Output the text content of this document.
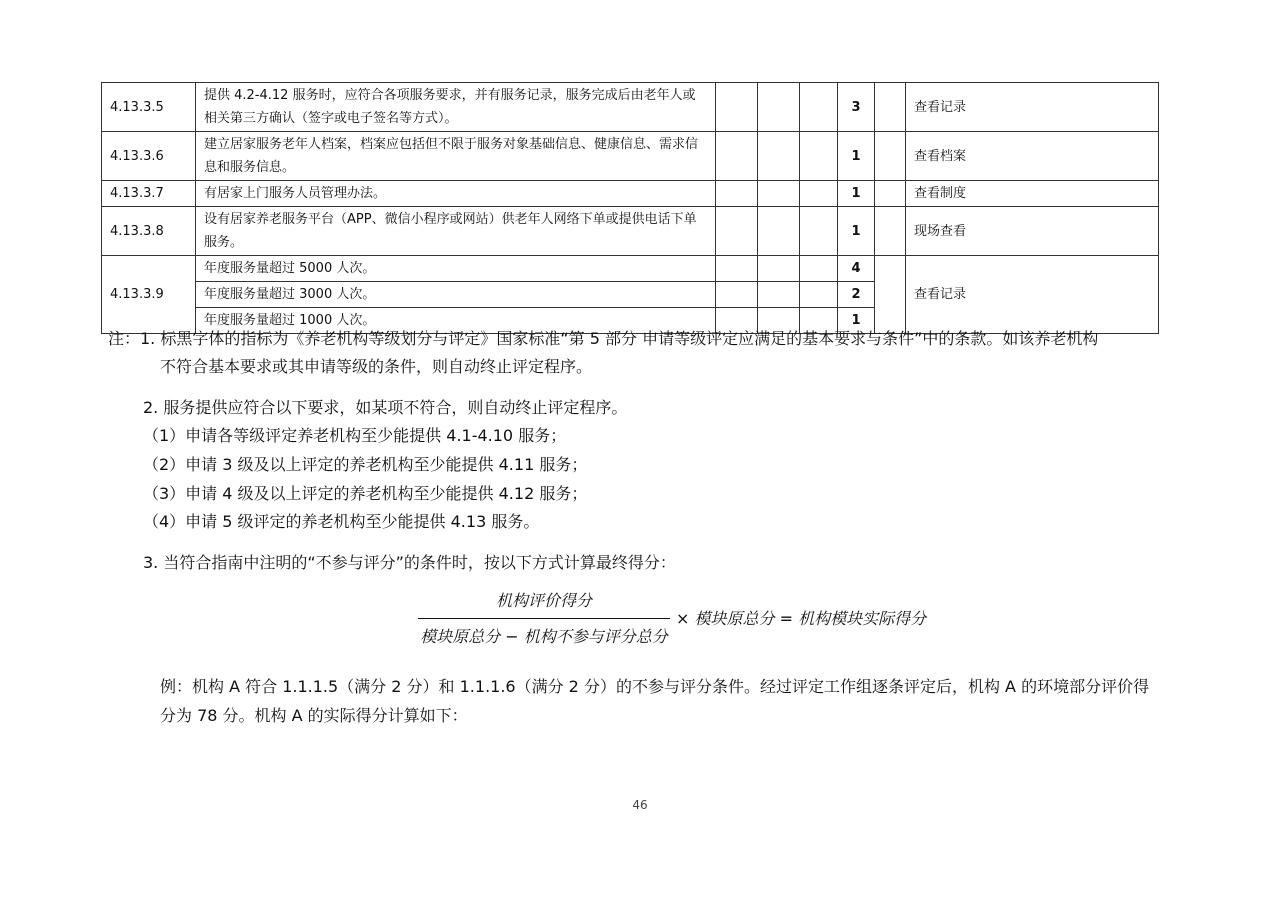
4.13.3.5	提供 4.2-4.12 服务时，应符合各项服务要求，并有服务记录，服务完成后由老年人或相关第三方确认（签字或电子签名等方式）。				3		查看记录
4.13.3.6	建立居家服务老年人档案，档案应包括但不限于服务对象基础信息、健康信息、需求信息和服务信息。				1		查看档案
4.13.3.7	有居家上门服务人员管理办法。				1		查看制度
4.13.3.8	设有居家养老服务平台（APP、微信小程序或网站）供老年人网络下单或提供电话下单服务。				1		现场查看
4.13.3.9	年度服务量超过 5000 人次。				4		查看记录
	年度服务量超过 3000 人次。				2		
	年度服务量超过 1000 人次。				1		
注：1. 标黑字体的指标为《养老机构等级划分与评定》国家标准“第 5 部分 申请等级评定应满足的基本要求与条件”中的条款。如该养老机构
不符合基本要求或其申请等级的条件，则自动终止评定程序。
2. 服务提供应符合以下要求，如某项不符合，则自动终止评定程序。
（1）申请各等级评定养老机构至少能提供 4.1-4.10 服务；
（2）申请 3 级及以上评定的养老机构至少能提供 4.11 服务；
（3）申请 4 级及以上评定的养老机构至少能提供 4.12 服务；
（4）申请 5 级评定的养老机构至少能提供 4.13 服务。
3. 当符合指南中注明的“不参与评分”的条件时，按以下方式计算最终得分：
机构评价得分
模块原总分 − 机构不参与评分总分
× 模块原总分 = 机构模块实际得分
例：机构 A 符合 1.1.1.5（满分 2 分）和 1.1.1.6（满分 2 分）的不参与评分条件。经过评定工作组逐条评定后，机构 A 的环境部分评价得
分为 78 分。机构 A 的实际得分计算如下：
46
